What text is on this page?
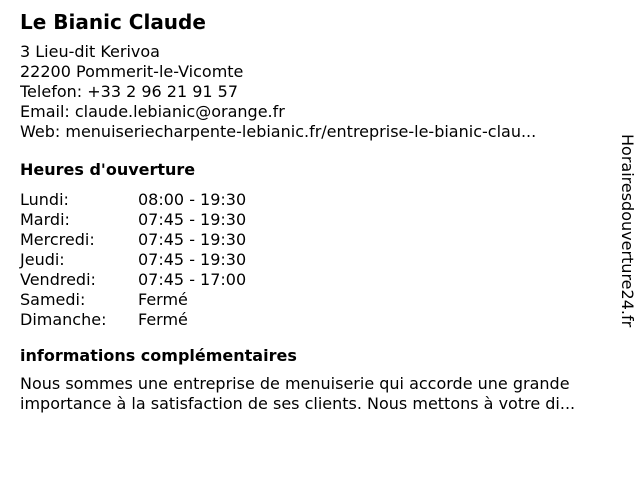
Le Bianic Claude
3 Lieu-dit Kerivoa
22200 Pommerit-le-Vicomte
Telefon: +33 2 96 21 91 57
Email: claude.lebianic@orange.fr
Web: menuiseriecharpente-lebianic.fr/entreprise-le-bianic-clau...
Heures d'ouverture
Lundi:	08:00 - 19:30
Mardi:	07:45 - 19:30
Mercredi:	07:45 - 19:30
Jeudi:	07:45 - 19:30
Vendredi:	07:45 - 17:00
Samedi:	Fermé
Dimanche:	Fermé
informations complémentaires
Nous sommes une entreprise de menuiserie qui accorde une grande
importance à la satisfaction de ses clients. Nous mettons à votre di...
Horairesdouverture24.fr
